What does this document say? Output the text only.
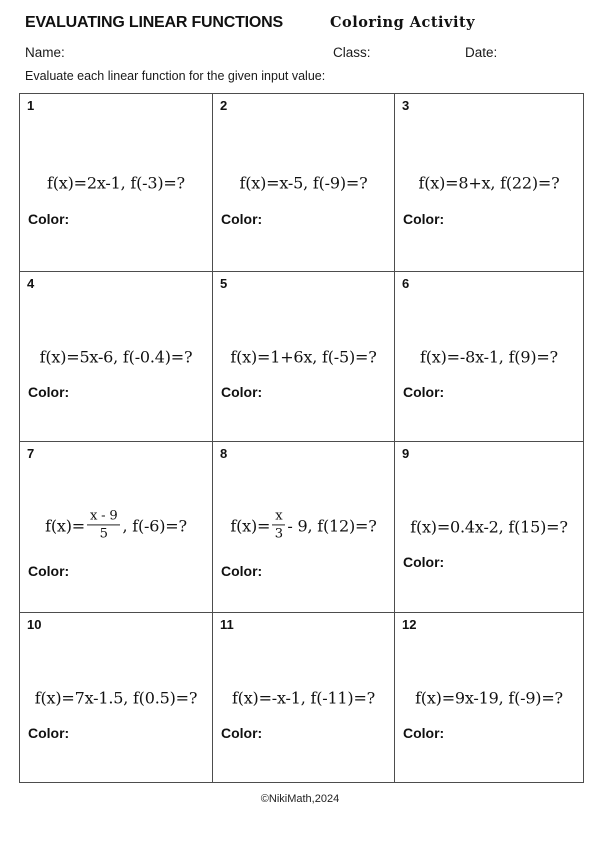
EVALUATING LINEAR FUNCTIONS	Coloring Activity
Name:	Class:	Date:
Evaluate each linear function for the given input value:
1
f(x)=2x-1, f(-3)=?
Color:
2
f(x)=x-5, f(-9)=?
Color:
3
f(x)=8+x, f(22)=?
Color:
4
f(x)=5x-6, f(-0.4)=?
Color:
5
f(x)=1+6x, f(-5)=?
Color:
6
f(x)=-8x-1, f(9)=?
Color:
7
$f(x)= \frac{x - 9}{5}$ , f(-6)=?
Color:
8
$f(x)= \frac{x}{3} - 9$, f(12)=?
Color:
9
f(x)=0.4x-2, f(15)=?
Color:
10
f(x)=7x-1.5, f(0.5)=?
Color:
11
f(x)=-x-1, f(-11)=?
Color:
12
f(x)=9x-19, f(-9)=?
Color:
©NikiMath,2024
